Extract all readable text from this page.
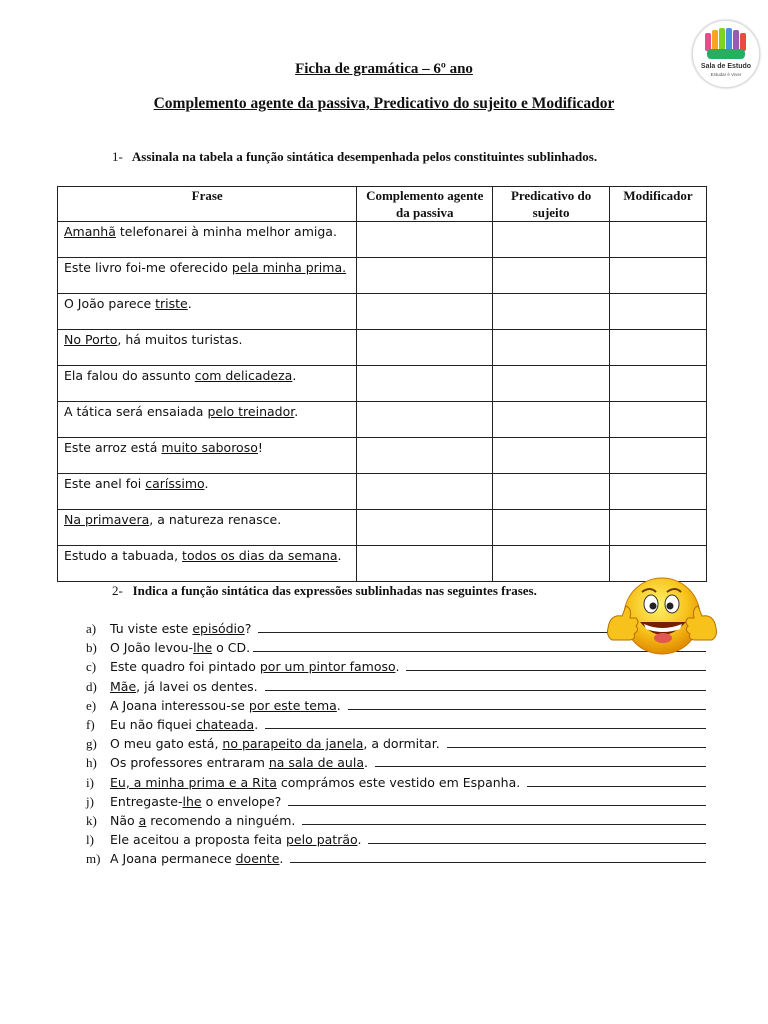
Sala de Estudo
Estudar é Viver
Ficha de gramática – 6º ano
Complemento agente da passiva, Predicativo do sujeito e Modificador
1- Assinala na tabela a função sintática desempenhada pelos constituintes sublinhados.
Frase	Complemento agente da passiva	Predicativo do sujeito	Modificador
Amanhã telefonarei à minha melhor amiga.			
Este livro foi-me oferecido pela minha prima.			
O João parece triste.			
No Porto, há muitos turistas.			
Ela falou do assunto com delicadeza.			
A tática será ensaiada pelo treinador.			
Este arroz está muito saboroso!			
Este anel foi caríssimo.			
Na primavera, a natureza renasce.			
Estudo a tabuada, todos os dias da semana.			
2- Indica a função sintática das expressões sublinhadas nas seguintes frases.
a)	Tu viste este episódio?
b)	O João levou-lhe o CD.
c)	Este quadro foi pintado por um pintor famoso.
d)	Mãe, já lavei os dentes.
e)	A Joana interessou-se por este tema.
f)	Eu não fiquei chateada.
g)	O meu gato está, no parapeito da janela, a dormitar.
h)	Os professores entraram na sala de aula.
i)	Eu, a minha prima e a Rita comprámos este vestido em Espanha.
j)	Entregaste-lhe o envelope?
k)	Não a recomendo a ninguém.
l)	Ele aceitou a proposta feita pelo patrão.
m) A Joana permanece doente.
